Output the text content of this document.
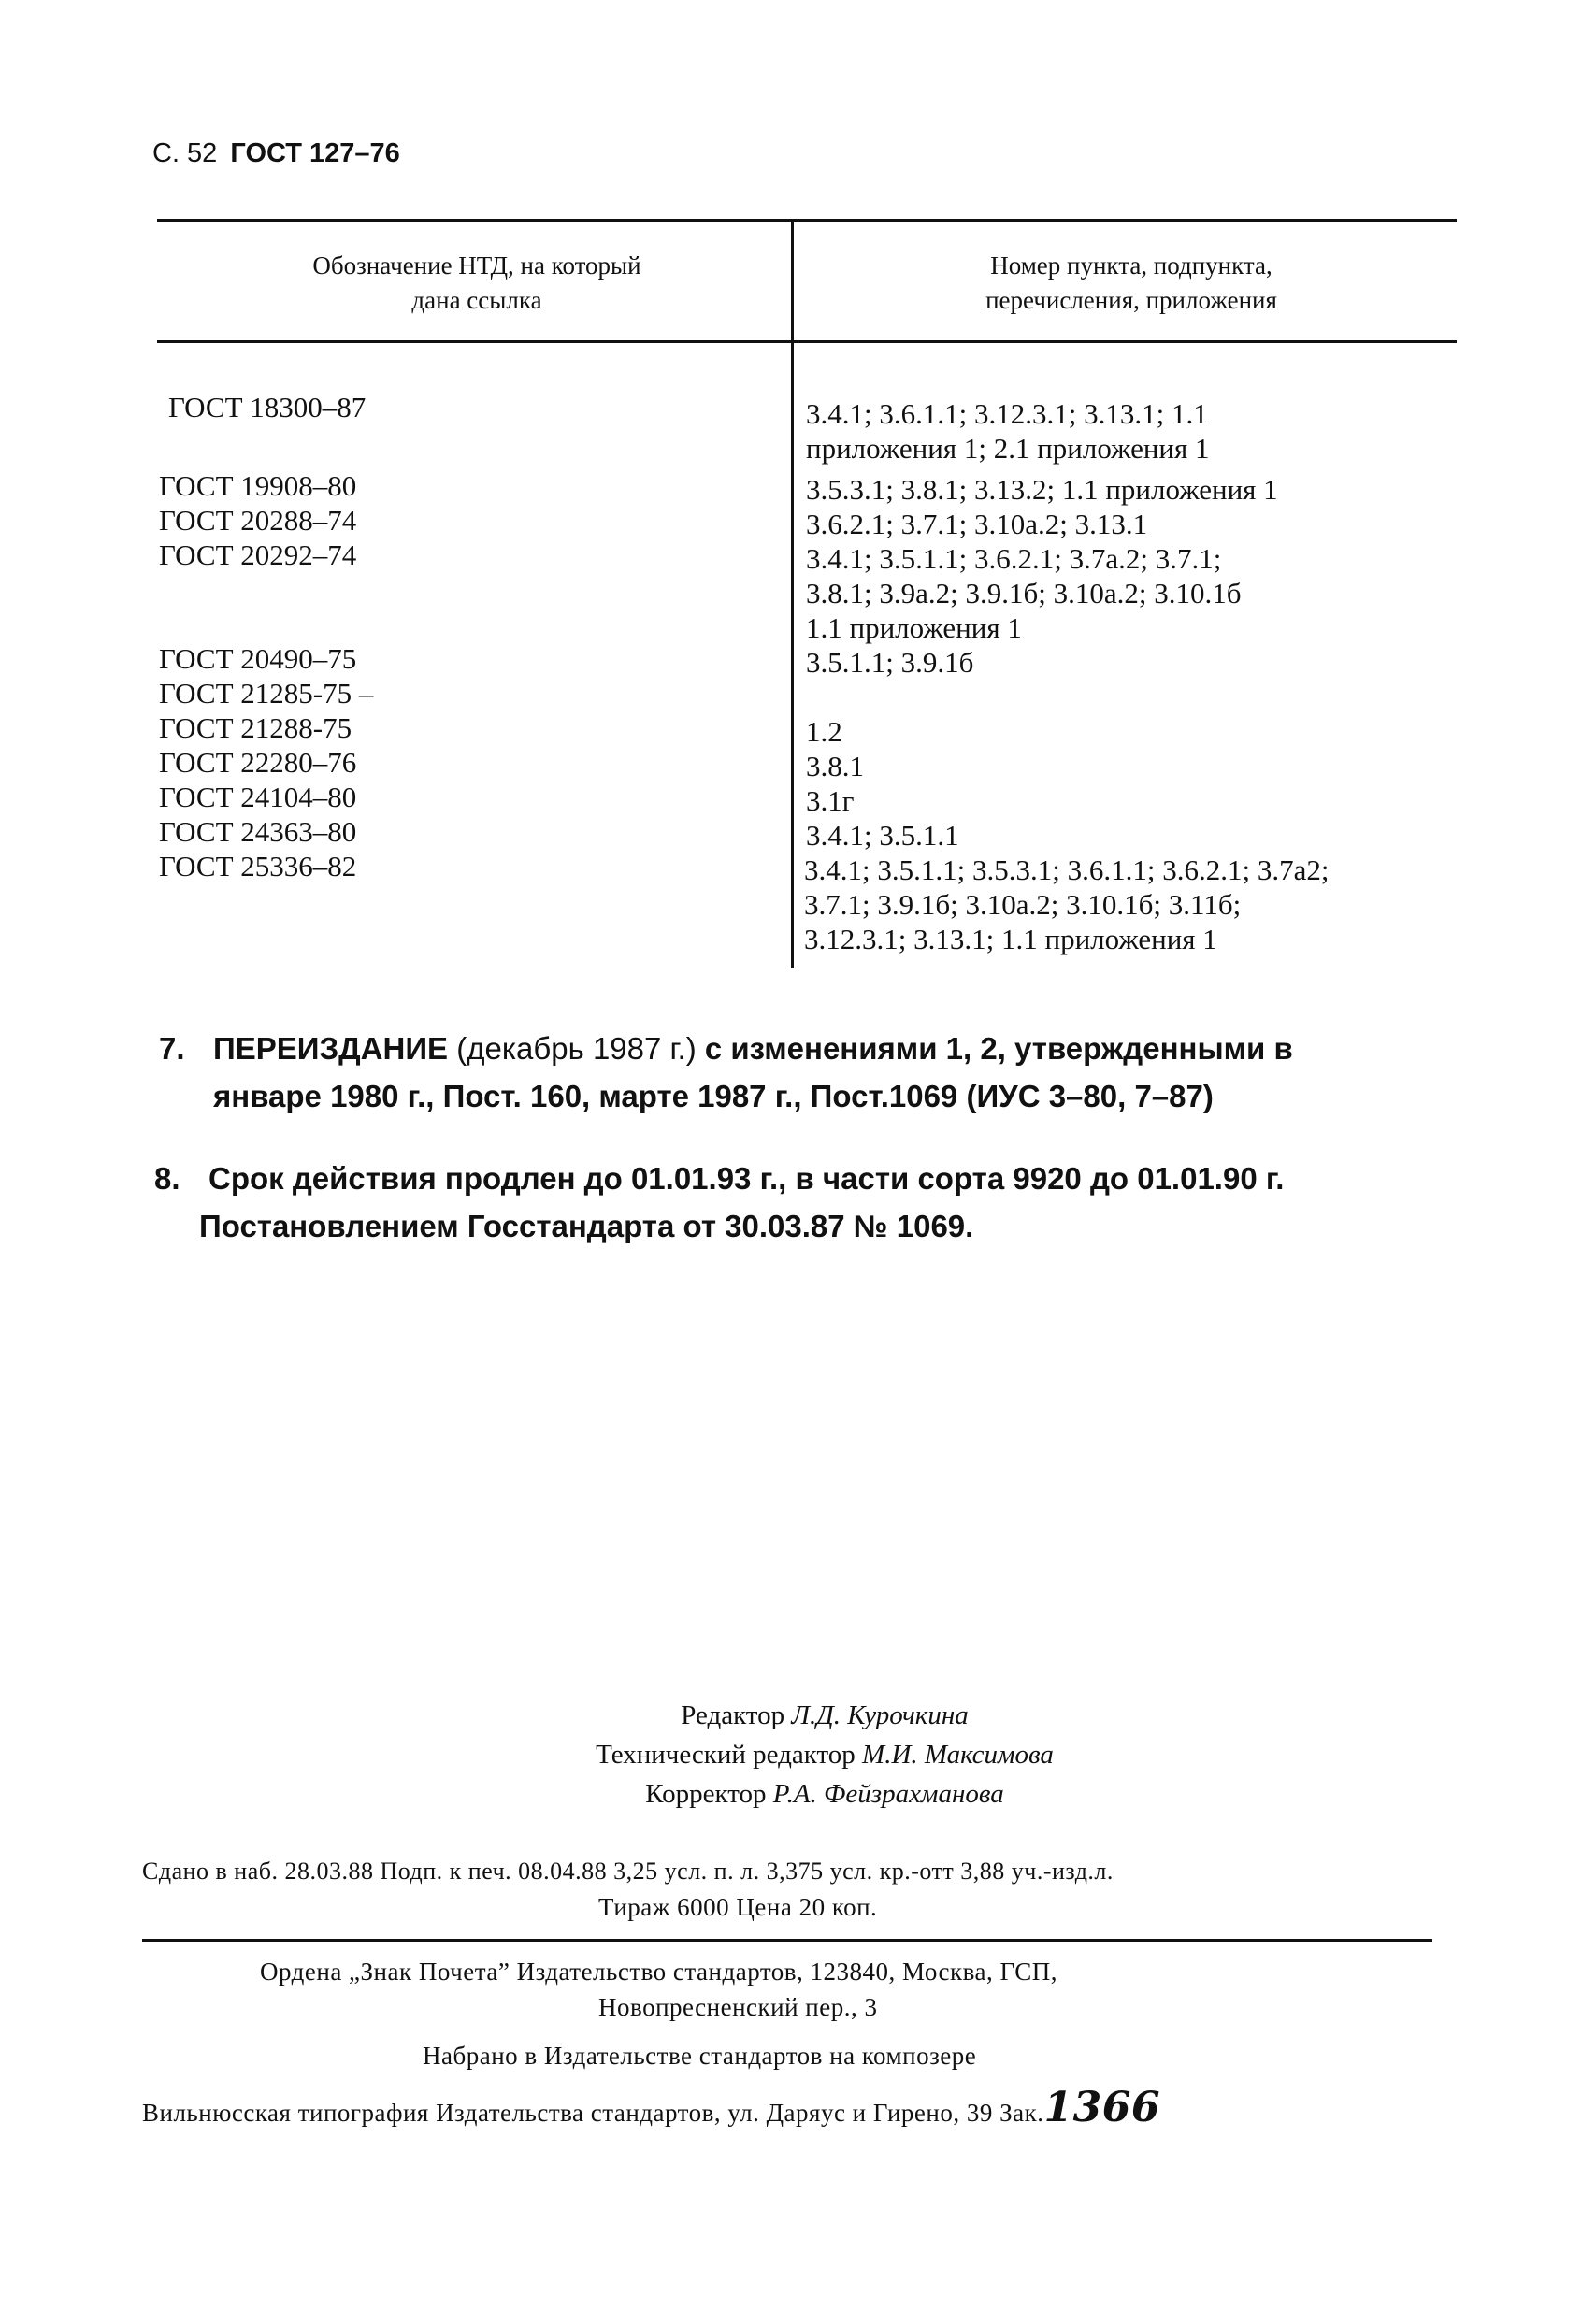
С. 52 ГОСТ 127–76
Обозначение НТД, на который
дана ссылка
Номер пункта, подпункта,
перечисления, приложения
ГОСТ 18300–87
ГОСТ 19908–80
ГОСТ 20288–74
ГОСТ 20292–74
ГОСТ 20490–75
ГОСТ 21285-75 –
ГОСТ 21288-75
ГОСТ 22280–76
ГОСТ 24104–80
ГОСТ 24363–80
ГОСТ 25336–82
3.4.1; 3.6.1.1; 3.12.3.1; 3.13.1; 1.1
приложения 1; 2.1 приложения 1
3.5.3.1; 3.8.1; 3.13.2; 1.1 приложения 1
3.6.2.1; 3.7.1; 3.10а.2; 3.13.1
3.4.1; 3.5.1.1; 3.6.2.1; 3.7а.2; 3.7.1;
3.8.1; 3.9а.2; 3.9.1б; 3.10а.2; 3.10.1б
1.1 приложения 1
3.5.1.1; 3.9.1б
1.2
3.8.1
3.1г
3.4.1; 3.5.1.1
3.4.1; 3.5.1.1; 3.5.3.1; 3.6.1.1; 3.6.2.1; 3.7а2;
3.7.1; 3.9.1б; 3.10а.2; 3.10.1б; 3.11б;
3.12.3.1; 3.13.1; 1.1 приложения 1
7. ПЕРЕИЗДАНИЕ (декабрь 1987 г.) с изменениями 1, 2, утвержденными в
январе 1980 г., Пост. 160, марте 1987 г., Пост.1069 (ИУС 3–80, 7–87)
8. Срок действия продлен до 01.01.93 г., в части сорта 9920 до 01.01.90 г.
Постановлением Госстандарта от 30.03.87 № 1069.
Редактор Л.Д. Курочкина
Технический редактор М.И. Максимова
Корректор Р.А. Фейзрахманова
Сдано в наб. 28.03.88 Подп. к печ. 08.04.88 3,25 усл. п. л. 3,375 усл. кр.-отт 3,88 уч.-изд.л.
Тираж 6000 Цена 20 коп.
Ордена „Знак Почета” Издательство стандартов, 123840, Москва, ГСП,
Новопресненский пер., 3
Набрано в Издательстве стандартов на композере
Вильнюсская типография Издательства стандартов, ул. Даряус и Гирено, 39 Зак.1366
